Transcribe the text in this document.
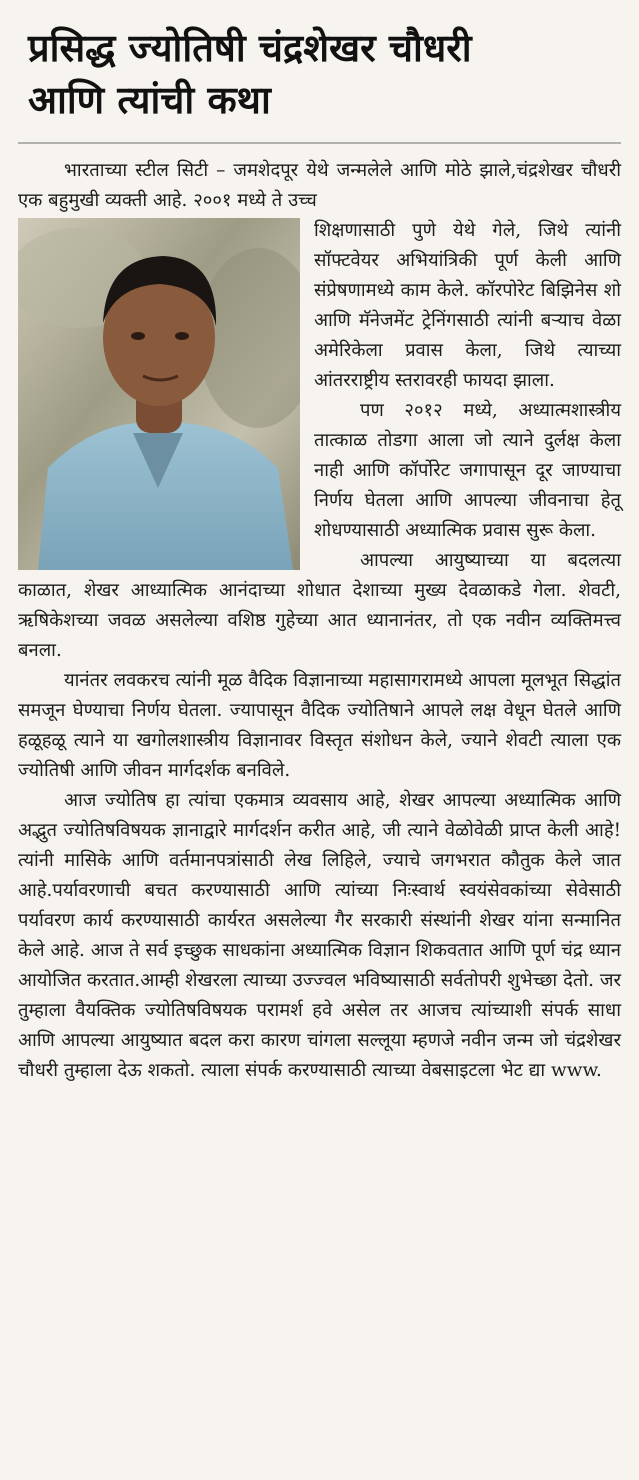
प्रसिद्ध ज्योतिषी चंद्रशेखर चौधरी
आणि त्यांची कथा

भारताच्या स्टील सिटी – जमशेदपूर येथे जन्मलेले आणि मोठे झाले,चंद्रशेखर चौधरी एक बहुमुखी व्यक्ती आहे. २००१ मध्ये ते उच्च

शिक्षणासाठी पुणे येथे गेले, जिथे त्यांनी सॉफ्टवेयर अभियांत्रिकी पूर्ण केली आणि संप्रेषणामध्ये काम केले. कॉरपोरेट बिझिनेस शो आणि मॅनेजमेंट ट्रेनिंगसाठी त्यांनी बऱ्याच वेळा अमेरिकेला प्रवास केला, जिथे त्याच्या आंतरराष्ट्रीय स्तरावरही फायदा झाला.

पण २०१२ मध्ये, अध्यात्मशास्त्रीय तात्काळ तोडगा आला जो त्याने दुर्लक्ष केला नाही आणि कॉर्पोरेट जगापासून दूर जाण्याचा निर्णय घेतला आणि आपल्या जीवनाचा हेतू शोधण्यासाठी अध्यात्मिक प्रवास सुरू केला.

आपल्या आयुष्याच्या या बदलत्या काळात, शेखर आध्यात्मिक आनंदाच्या शोधात देशाच्या मुख्य देवळाकडे गेला. शेवटी, ऋषिकेशच्या जवळ असलेल्या वशिष्ठ गुहेच्या आत ध्यानानंतर, तो एक नवीन व्यक्तिमत्त्व बनला.

यानंतर लवकरच त्यांनी मूळ वैदिक विज्ञानाच्या महासागरामध्ये आपला मूलभूत सिद्धांत समजून घेण्याचा निर्णय घेतला. ज्यापासून वैदिक ज्योतिषाने आपले लक्ष वेधून घेतले आणि हळूहळू त्याने या खगोलशास्त्रीय विज्ञानावर विस्तृत संशोधन केले, ज्याने शेवटी त्याला एक ज्योतिषी आणि जीवन मार्गदर्शक बनविले.

आज ज्योतिष हा त्यांचा एकमात्र व्यवसाय आहे, शेखर आपल्या अध्यात्मिक आणि अद्भुत ज्योतिषविषयक ज्ञानाद्वारे मार्गदर्शन करीत आहे, जी त्याने वेळोवेळी प्राप्त केली आहे! त्यांनी मासिके आणि वर्तमानपत्रांसाठी लेख लिहिले, ज्याचे जगभरात कौतुक केले जात आहे.पर्यावरणाची बचत करण्यासाठी आणि त्यांच्या निःस्वार्थ स्वयंसेवकांच्या सेवेसाठी पर्यावरण कार्य करण्यासाठी कार्यरत असलेल्या गैर सरकारी संस्थांनी शेखर यांना सन्मानित केले आहे. आज ते सर्व इच्छुक साधकांना अध्यात्मिक विज्ञान शिकवतात आणि पूर्ण चंद्र ध्यान आयोजित करतात.आम्ही शेखरला त्याच्या उज्ज्वल भविष्यासाठी सर्वतोपरी शुभेच्छा देतो. जर तुम्हाला वैयक्तिक ज्योतिषविषयक परामर्श हवे असेल तर आजच त्यांच्याशी संपर्क साधा आणि आपल्या आयुष्यात बदल करा कारण चांगला सल्लूया म्हणजे नवीन जन्म जो चंद्रशेखर चौधरी तुम्हाला देऊ शकतो. त्याला संपर्क करण्यासाठी त्याच्या वेबसाइटला भेट द्या www.
